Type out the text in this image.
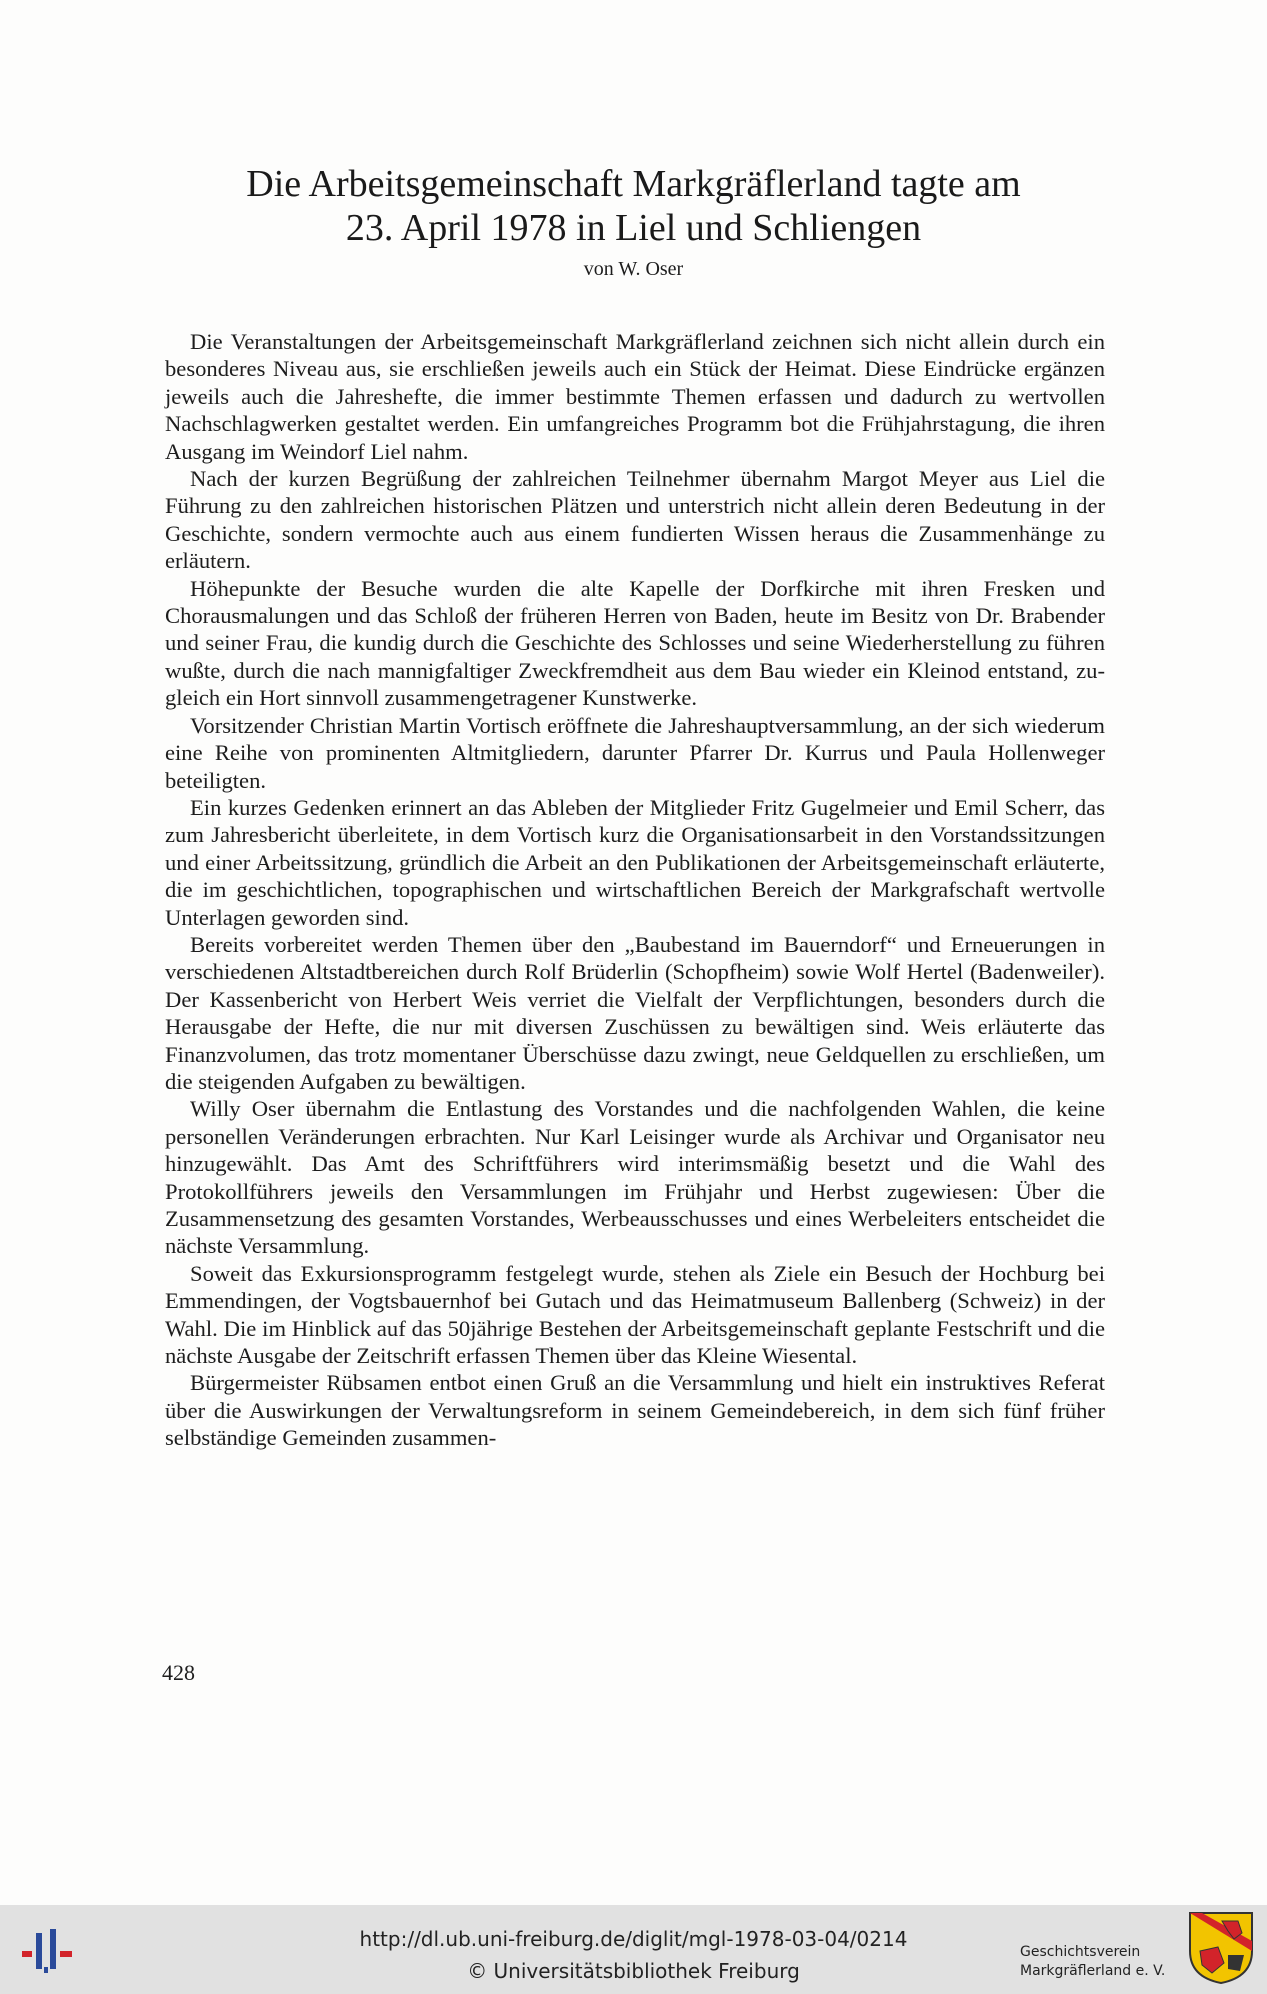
Die Arbeitsgemeinschaft Markgräflerland tagte am
23. April 1978 in Liel und Schliengen
von W. Oser

Die Veranstaltungen der Arbeitsgemeinschaft Markgräflerland zeichnen sich nicht allein durch ein besonderes Niveau aus, sie erschließen jeweils auch ein Stück der Heimat. Diese Eindrücke ergänzen jeweils auch die Jahreshefte, die immer bestimmte Themen erfassen und dadurch zu wertvollen Nachschlagwerken gestaltet werden. Ein umfangreiches Programm bot die Frühjahrstagung, die ihren Ausgang im Weindorf Liel nahm.

Nach der kurzen Begrüßung der zahlreichen Teilnehmer übernahm Margot Meyer aus Liel die Führung zu den zahlreichen historischen Plätzen und unterstrich nicht allein deren Bedeutung in der Geschichte, sondern vermochte auch aus einem fundierten Wissen heraus die Zusammenhänge zu erläutern.

Höhepunkte der Besuche wurden die alte Kapelle der Dorfkirche mit ihren Fresken und Chorausmalungen und das Schloß der früheren Herren von Baden, heute im Besitz von Dr. Brabender und seiner Frau, die kundig durch die Geschichte des Schlosses und seine Wiederherstellung zu führen wußte, durch die nach mannigfaltiger Zweckfremdheit aus dem Bau wieder ein Kleinod entstand, zugleich ein Hort sinnvoll zusammengetragener Kunstwerke.

Vorsitzender Christian Martin Vortisch eröffnete die Jahreshauptversammlung, an der sich wiederum eine Reihe von prominenten Altmitgliedern, darunter Pfarrer Dr. Kurrus und Paula Hollenweger beteiligten.

Ein kurzes Gedenken erinnert an das Ableben der Mitglieder Fritz Gugelmeier und Emil Scherr, das zum Jahresbericht überleitete, in dem Vortisch kurz die Organisationsarbeit in den Vorstandssitzungen und einer Arbeitssitzung, gründlich die Arbeit an den Publikationen der Arbeitsgemeinschaft erläuterte, die im geschichtlichen, topographischen und wirtschaftlichen Bereich der Markgrafschaft wertvolle Unterlagen geworden sind.

Bereits vorbereitet werden Themen über den „Baubestand im Bauerndorf“ und Erneuerungen in verschiedenen Altstadtbereichen durch Rolf Brüderlin (Schopfheim) sowie Wolf Hertel (Badenweiler). Der Kassenbericht von Herbert Weis verriet die Vielfalt der Verpflichtungen, besonders durch die Herausgabe der Hefte, die nur mit diversen Zuschüssen zu bewältigen sind. Weis erläuterte das Finanzvolumen, das trotz momentaner Überschüsse dazu zwingt, neue Geldquellen zu erschließen, um die steigenden Aufgaben zu bewältigen.

Willy Oser übernahm die Entlastung des Vorstandes und die nachfolgenden Wahlen, die keine personellen Veränderungen erbrachten. Nur Karl Leisinger wurde als Archivar und Organisator neu hinzugewählt. Das Amt des Schriftführers wird interimsmäßig besetzt und die Wahl des Protokollführers jeweils den Versammlungen im Frühjahr und Herbst zugewiesen: Über die Zusammensetzung des gesamten Vorstandes, Werbeausschusses und eines Werbeleiters entscheidet die nächste Versammlung.

Soweit das Exkursionsprogramm festgelegt wurde, stehen als Ziele ein Besuch der Hochburg bei Emmendingen, der Vogtsbauernhof bei Gutach und das Heimatmuseum Ballenberg (Schweiz) in der Wahl. Die im Hinblick auf das 50jährige Bestehen der Arbeitsgemeinschaft geplante Festschrift und die nächste Ausgabe der Zeitschrift erfassen Themen über das Kleine Wiesental.

Bürgermeister Rübsamen entbot einen Gruß an die Versammlung und hielt ein instruktives Referat über die Auswirkungen der Verwaltungsreform in seinem Gemeindebereich, in dem sich fünf früher selbständige Gemeinden zusammen-

428
http://dl.ub.uni-freiburg.de/diglit/mgl-1978-03-04/0214
© Universitätsbibliothek Freiburg
Geschichtsverein
Markgräflerland e. V.
